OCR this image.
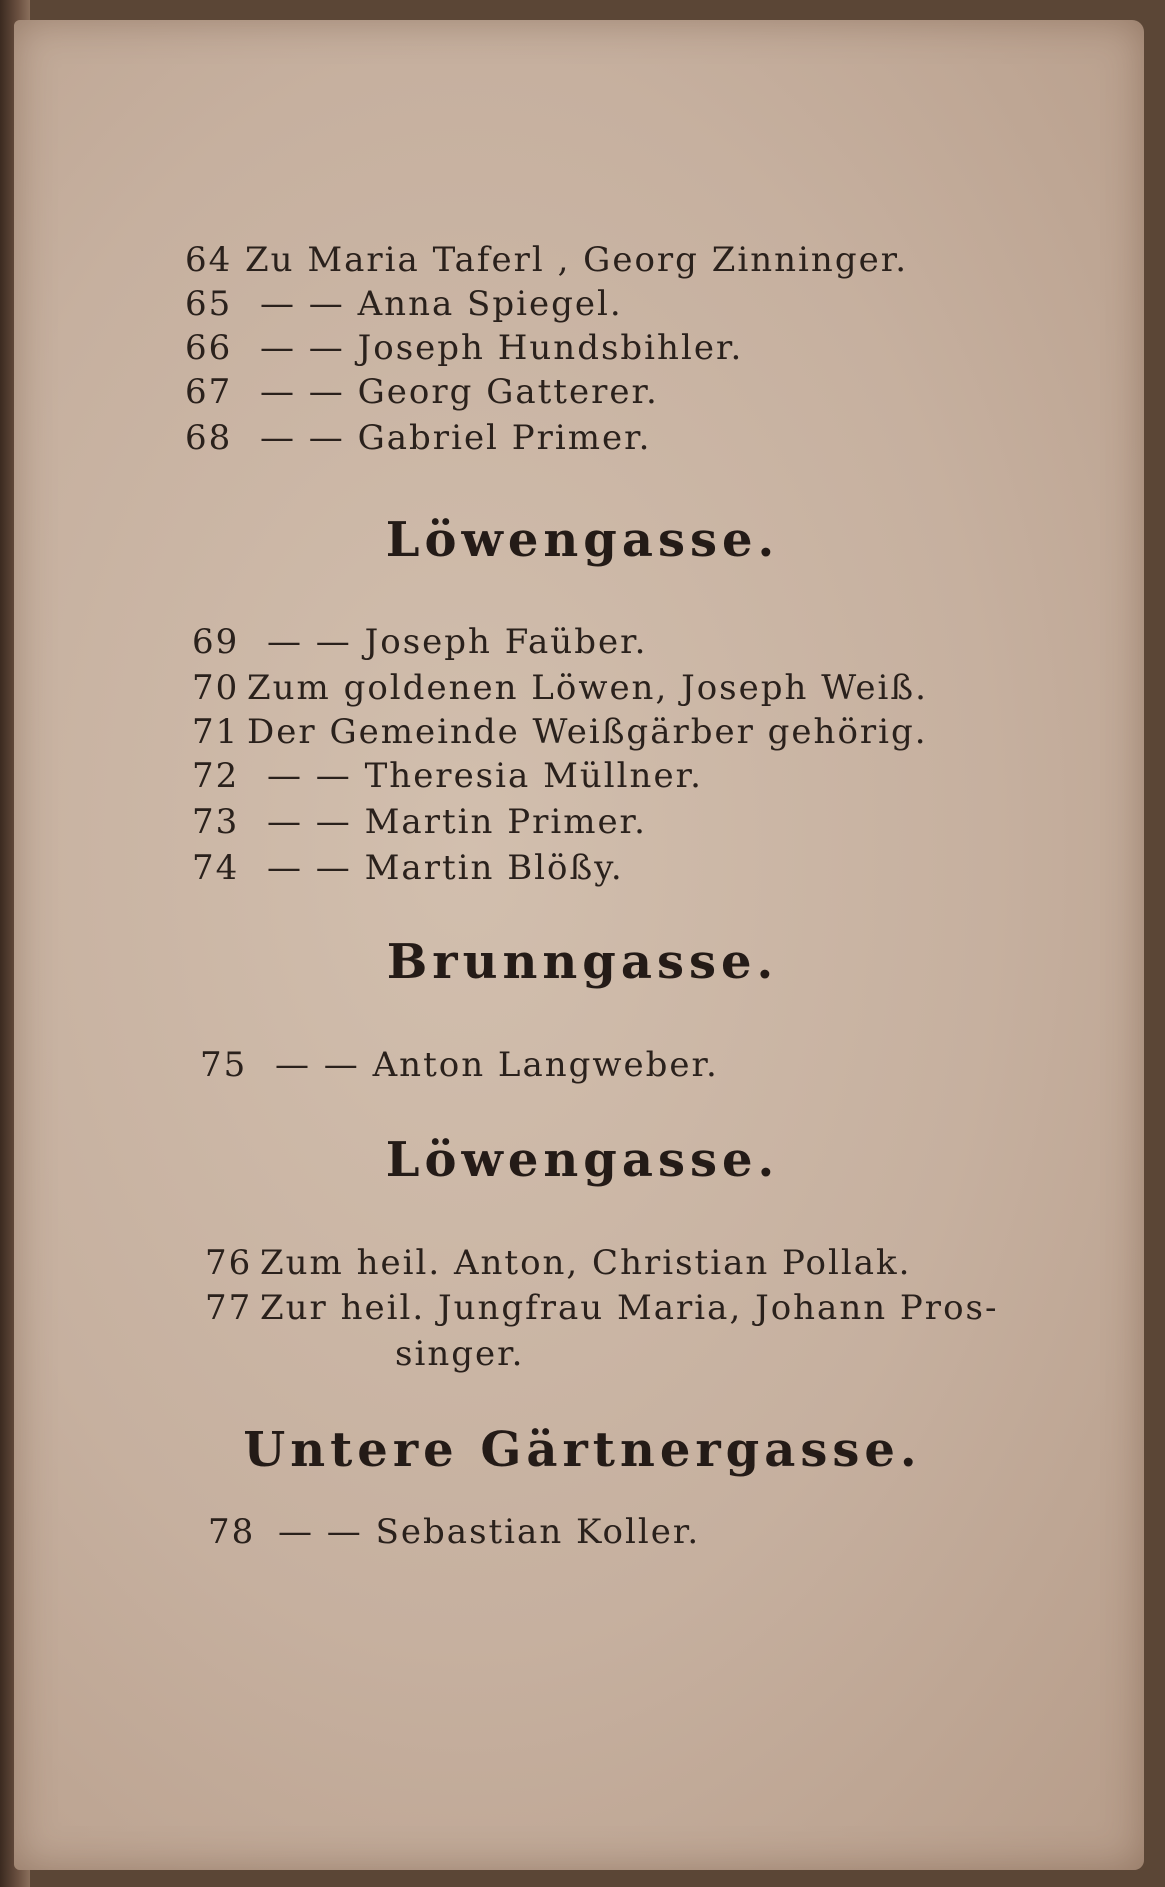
64 Zu Maria Taferl , Georg Zinninger.
65 — — Anna Spiegel.
66 — — Joseph Hundsbihler.
67 — — Georg Gatterer.
68 — — Gabriel Primer.
Löwengasse.
69 — — Joseph Faüber.
70 Zum goldenen Löwen, Joseph Weiß.
71 Der Gemeinde Weißgärber gehörig.
72 — — Theresia Müllner.
73 — — Martin Primer.
74 — — Martin Blößy.
Brunngasse.
75 — — Anton Langweber.
Löwengasse.
76 Zum heil. Anton, Christian Pollak.
77 Zur heil. Jungfrau Maria, Johann Pros-
singer.
Untere Gärtnergasse.
78 — — Sebastian Koller.
